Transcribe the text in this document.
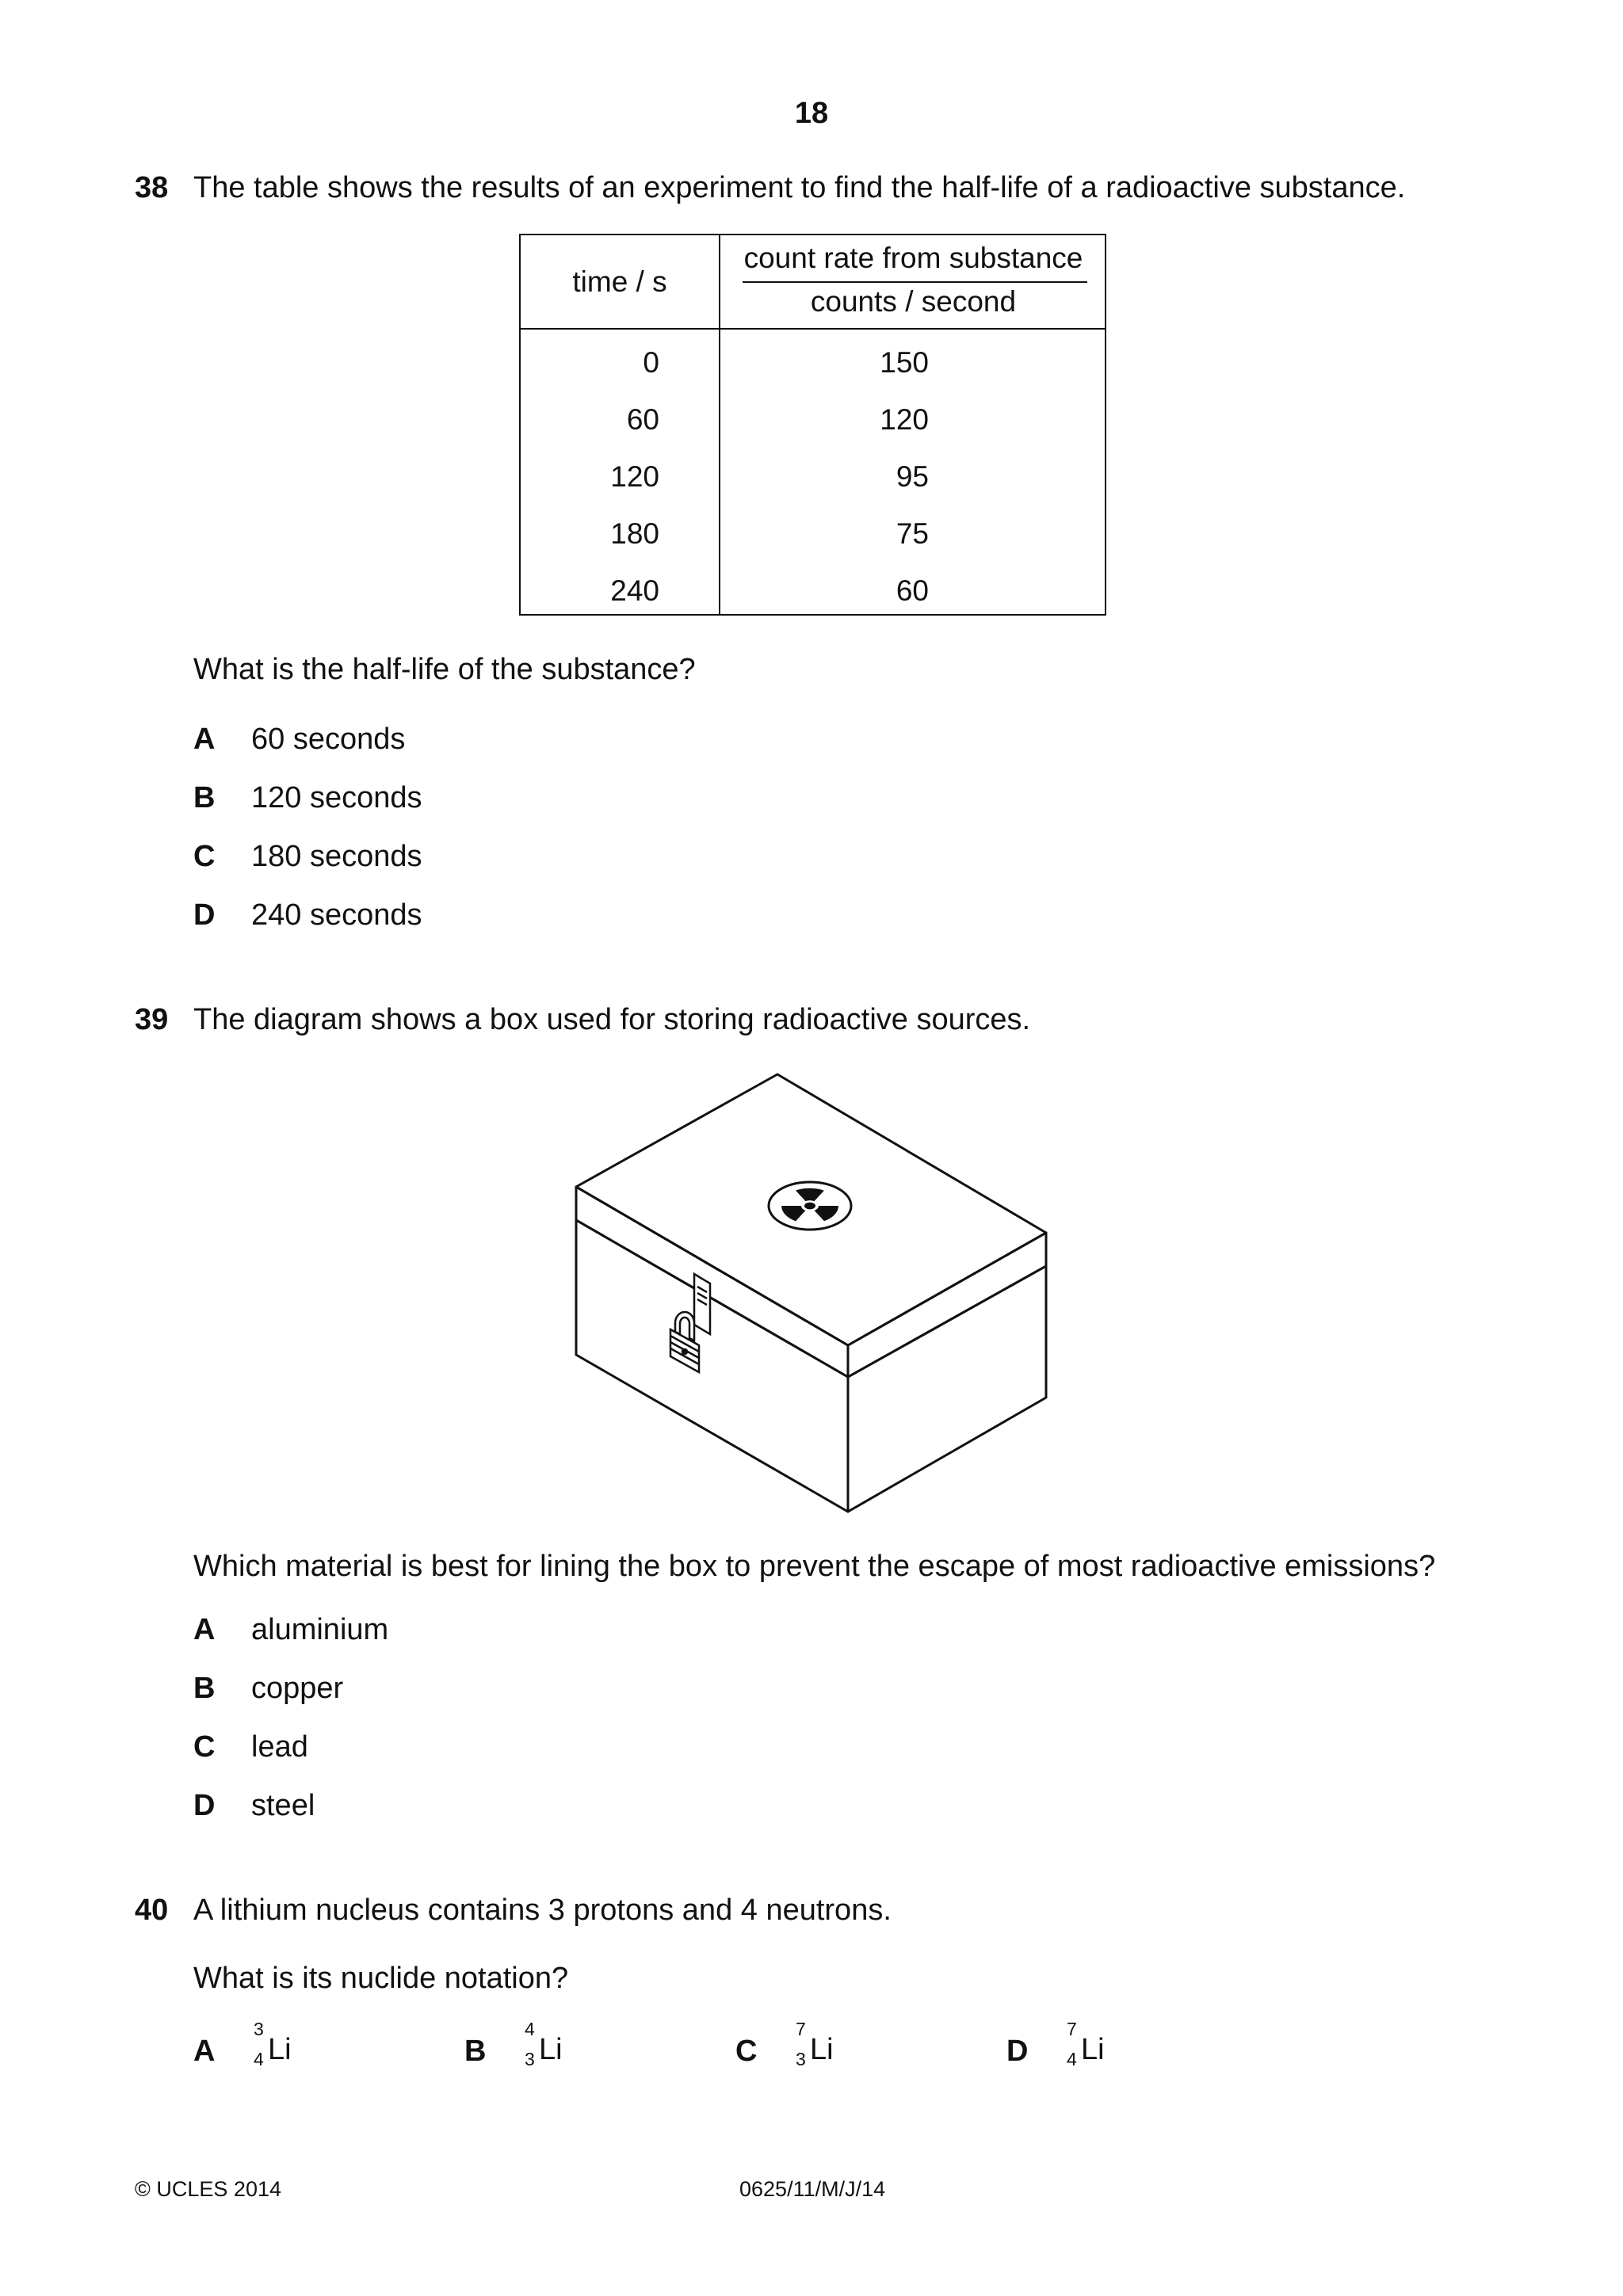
18
38 The table shows the results of an experiment to find the half-life of a radioactive substance.
time / s
count rate from substance
counts / second
0	150
60	120
120	95
180	75
240	60
What is the half-life of the substance?
A 60 seconds
B 120 seconds
C 180 seconds
D 240 seconds
39 The diagram shows a box used for storing radioactive sources.
Which material is best for lining the box to prevent the escape of most radioactive emissions?
A aluminium
B copper
C lead
D steel
40 A lithium nucleus contains 3 protons and 4 neutrons.
What is its nuclide notation?
A
3
4 Li	B
4
3 Li	C
7
3 Li	D
7
4 Li
© UCLES 2014	0625/11/M/J/14
